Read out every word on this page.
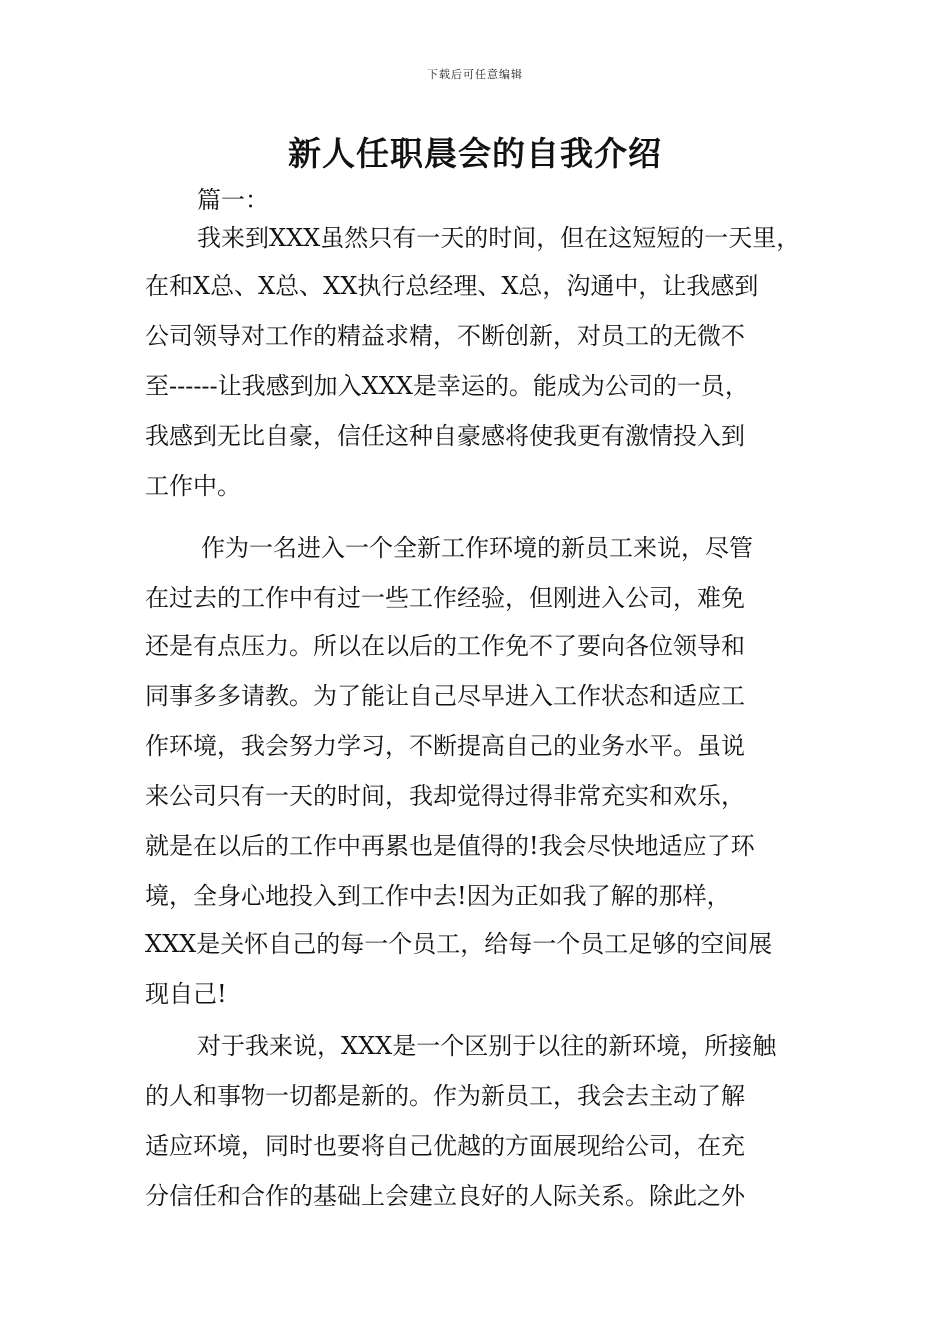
下载后可任意编辑
新人任职晨会的自我介绍
篇一：
我来到XXX虽然只有一天的时间，但在这短短的一天里，
在和X总、X总、XX执行总经理、X总，沟通中，让我感到
公司领导对工作的精益求精，不断创新，对员工的无微不
至------让我感到加入XXX是幸运的。能成为公司的一员，
我感到无比自豪，信任这种自豪感将使我更有激情投入到
工作中。
作为一名进入一个全新工作环境的新员工来说，尽管
在过去的工作中有过一些工作经验，但刚进入公司，难免
还是有点压力。所以在以后的工作免不了要向各位领导和
同事多多请教。为了能让自己尽早进入工作状态和适应工
作环境，我会努力学习，不断提高自己的业务水平。虽说
来公司只有一天的时间，我却觉得过得非常充实和欢乐，
就是在以后的工作中再累也是值得的!我会尽快地适应了环
境，全身心地投入到工作中去!因为正如我了解的那样，
XXX是关怀自己的每一个员工，给每一个员工足够的空间展
现自己!
对于我来说，XXX是一个区别于以往的新环境，所接触
的人和事物一切都是新的。作为新员工，我会去主动了解
适应环境，同时也要将自己优越的方面展现给公司，在充
分信任和合作的基础上会建立良好的人际关系。除此之外
